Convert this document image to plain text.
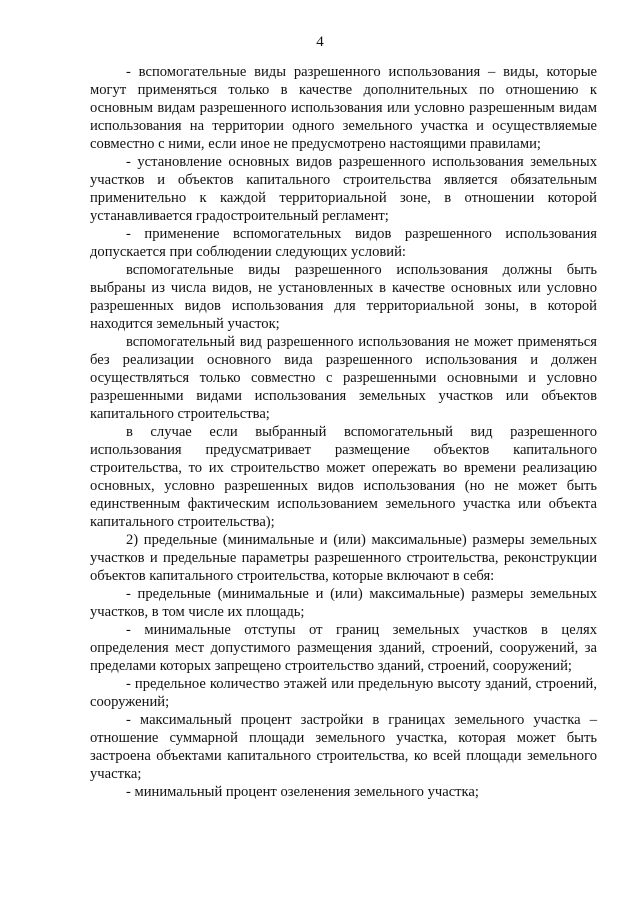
4

- вспомогательные виды разрешенного использования – виды, которые могут применяться только в качестве дополнительных по отношению к основным видам разрешенного использования или условно разрешенным видам использования на территории одного земельного участка и осуществляемые совместно с ними, если иное не предусмотрено настоящими правилами;

- установление основных видов разрешенного использования земельных участков и объектов капитального строительства является обязательным применительно к каждой территориальной зоне, в отношении которой устанавливается градостроительный регламент;

- применение вспомогательных видов разрешенного использования допускается при соблюдении следующих условий:

вспомогательные виды разрешенного использования должны быть выбраны из числа видов, не установленных в качестве основных или условно разрешенных видов использования для территориальной зоны, в которой находится земельный участок;

вспомогательный вид разрешенного использования не может применяться без реализации основного вида разрешенного использования и должен осуществляться только совместно с разрешенными основными и условно разрешенными видами использования земельных участков или объектов капитального строительства;

в случае если выбранный вспомогательный вид разрешенного использования предусматривает размещение объектов капитального строительства, то их строительство может опережать во времени реализацию основных, условно разрешенных видов использования (но не может быть единственным фактическим использованием земельного участка или объекта капитального строительства);

2) предельные (минимальные и (или) максимальные) размеры земельных участков и предельные параметры разрешенного строительства, реконструкции объектов капитального строительства, которые включают в себя:

- предельные (минимальные и (или) максимальные) размеры земельных участков, в том числе их площадь;

- минимальные отступы от границ земельных участков в целях определения мест допустимого размещения зданий, строений, сооружений, за пределами которых запрещено строительство зданий, строений, сооружений;

- предельное количество этажей или предельную высоту зданий, строений, сооружений;

- максимальный процент застройки в границах земельного участка – отношение суммарной площади земельного участка, которая может быть застроена объектами капитального строительства, ко всей площади земельного участка;

- минимальный процент озеленения земельного участка;
